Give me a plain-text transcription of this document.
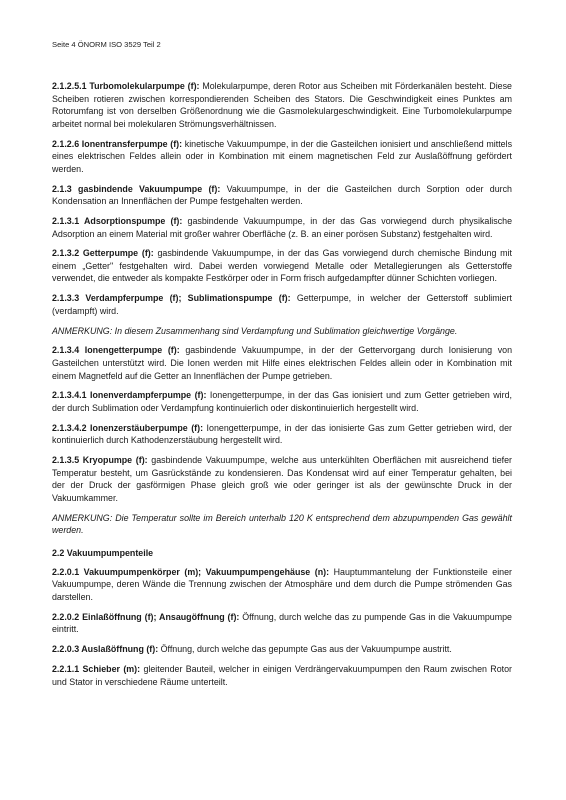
Seite 4 ÖNORM ISO 3529 Teil 2

2.1.2.5.1 Turbomolekularpumpe (f): Molekularpumpe, deren Rotor aus Scheiben mit Förderkanälen besteht. Diese Scheiben rotieren zwischen korrespondierenden Scheiben des Stators. Die Geschwindigkeit eines Punktes am Rotorumfang ist von derselben Größenordnung wie die Gasmolekulargeschwindigkeit. Eine Turbomolekularpumpe arbeitet normal bei molekularen Strömungsverhältnissen.

2.1.2.6 Ionentransferpumpe (f): kinetische Vakuumpumpe, in der die Gasteilchen ionisiert und anschließend mittels eines elektrischen Feldes allein oder in Kombination mit einem magnetischen Feld zur Auslaßöffnung gefördert werden.

2.1.3 gasbindende Vakuumpumpe (f): Vakuumpumpe, in der die Gasteilchen durch Sorption oder durch Kondensation an Innenflächen der Pumpe festgehalten werden.

2.1.3.1 Adsorptionspumpe (f): gasbindende Vakuumpumpe, in der das Gas vorwiegend durch physikalische Adsorption an einem Material mit großer wahrer Oberfläche (z. B. an einer porösen Substanz) festgehalten wird.

2.1.3.2 Getterpumpe (f): gasbindende Vakuumpumpe, in der das Gas vorwiegend durch chemische Bindung mit einem „Getter" festgehalten wird. Dabei werden vorwiegend Metalle oder Metallegierungen als Getterstoffe verwendet, die entweder als kompakte Festkörper oder in Form frisch aufgedampfter dünner Schichten vorliegen.

2.1.3.3 Verdampferpumpe (f); Sublimationspumpe (f): Getterpumpe, in welcher der Getterstoff sublimiert (verdampft) wird.

ANMERKUNG: In diesem Zusammenhang sind Verdampfung und Sublimation gleichwertige Vorgänge.

2.1.3.4 Ionengetterpumpe (f): gasbindende Vakuumpumpe, in der der Gettervorgang durch Ionisierung von Gasteilchen unterstützt wird. Die Ionen werden mit Hilfe eines elektrischen Feldes allein oder in Kombination mit einem Magnetfeld auf die Getter an Innenflächen der Pumpe getrieben.

2.1.3.4.1 Ionenverdampferpumpe (f): Ionengetterpumpe, in der das Gas ionisiert und zum Getter getrieben wird, der durch Sublimation oder Verdampfung kontinuierlich oder diskontinuierlich hergestellt wird.

2.1.3.4.2 Ionenzerstäuberpumpe (f): Ionengetterpumpe, in der das ionisierte Gas zum Getter getrieben wird, der kontinuierlich durch Kathodenzerstäubung hergestellt wird.

2.1.3.5 Kryopumpe (f): gasbindende Vakuumpumpe, welche aus unterkühlten Oberflächen mit ausreichend tiefer Temperatur besteht, um Gasrückstände zu kondensieren. Das Kondensat wird auf einer Temperatur gehalten, bei der der Druck der gasförmigen Phase gleich groß wie oder geringer ist als der gewünschte Druck in der Vakuumkammer.

ANMERKUNG: Die Temperatur sollte im Bereich unterhalb 120 K entsprechend dem abzupumpenden Gas gewählt werden.

2.2 Vakuumpumpenteile

2.2.0.1 Vakuumpumpenkörper (m); Vakuumpumpengehäuse (n): Hauptummantelung der Funktionsteile einer Vakuumpumpe, deren Wände die Trennung zwischen der Atmosphäre und dem durch die Pumpe strömenden Gas darstellen.

2.2.0.2 Einlaßöffnung (f); Ansaugöffnung (f): Öffnung, durch welche das zu pumpende Gas in die Vakuumpumpe eintritt.

2.2.0.3 Auslaßöffnung (f): Öffnung, durch welche das gepumpte Gas aus der Vakuumpumpe austritt.

2.2.1.1 Schieber (m): gleitender Bauteil, welcher in einigen Verdrängervakuumpumpen den Raum zwischen Rotor und Stator in verschiedene Räume unterteilt.
